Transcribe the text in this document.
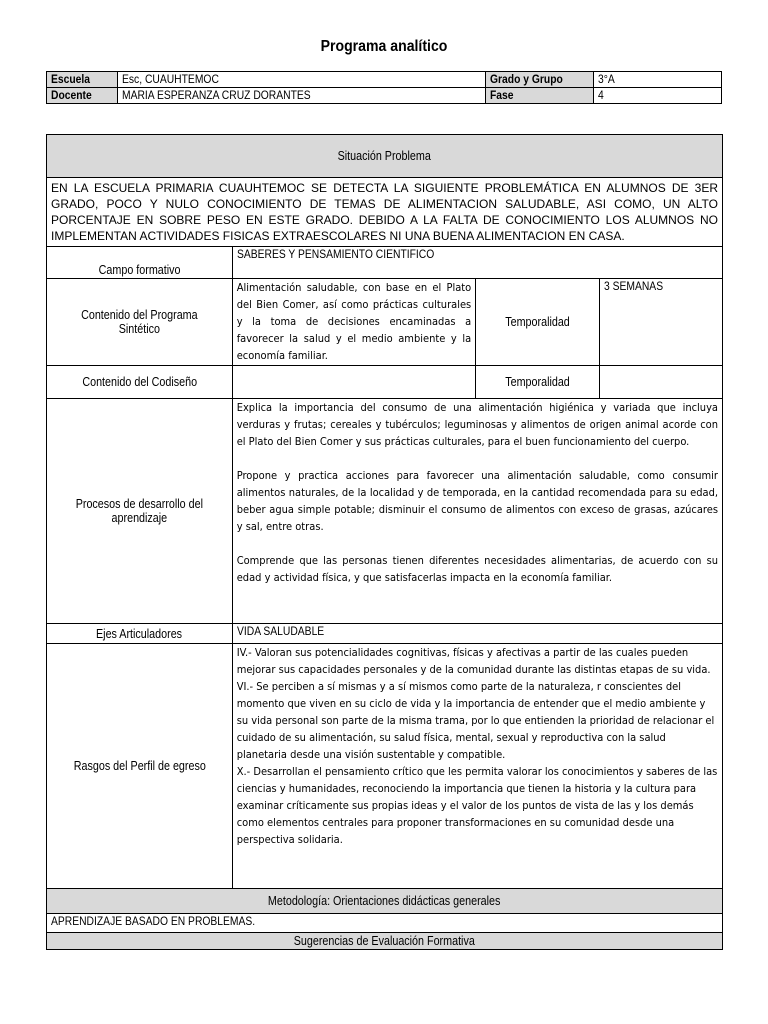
Programa analítico
Escuela	Esc, CUAUHTEMOC	Grado y Grupo	3°A
Docente	MARIA ESPERANZA CRUZ DORANTES	Fase	4
Situación Problema			
EN LA ESCUELA PRIMARIA CUAUHTEMOC SE DETECTA LA SIGUIENTE PROBLEMÁTICA EN ALUMNOS DE 3ER GRADO, POCO Y NULO CONOCIMIENTO DE TEMAS DE ALIMENTACION SALUDABLE, ASI COMO, UN ALTO PORCENTAJE EN SOBRE PESO EN ESTE GRADO. DEBIDO A LA FALTA DE CONOCIMIENTO LOS ALUMNOS NO IMPLEMENTAN ACTIVIDADES FISICAS EXTRAESCOLARES NI UNA BUENA ALIMENTACION EN CASA.			
Campo formativo	SABERES Y PENSAMIENTO CIENTIFICO		
Contenido del Programa Sintético	Alimentación saludable, con base en el Plato del Bien Comer, así como prácticas culturales y la toma de decisiones encaminadas a favorecer la salud y el medio ambiente y la economía familiar.	Temporalidad	3 SEMANAS
Contenido del Codiseño		Temporalidad	
Procesos de desarrollo del aprendizaje	Explica la importancia del consumo de una alimentación higiénica y variada que incluya verduras y frutas; cereales y tubérculos; leguminosas y alimentos de origen animal acorde con el Plato del Bien Comer y sus prácticas culturales, para el buen funcionamiento del cuerpo.

Propone y practica acciones para favorecer una alimentación saludable, como consumir alimentos naturales, de la localidad y de temporada, en la cantidad recomendada para su edad, beber agua simple potable; disminuir el consumo de alimentos con exceso de grasas, azúcares y sal, entre otras.

Comprende que las personas tienen diferentes necesidades alimentarias, de acuerdo con su edad y actividad física, y que satisfacerlas impacta en la economía familiar.		

Ejes Articuladores	VIDA SALUDABLE		
Rasgos del Perfil de egreso	IV.- Valoran sus potencialidades cognitivas, físicas y afectivas a partir de las cuales pueden mejorar sus capacidades personales y de la comunidad durante las distintas etapas de su vida.

VI.- Se perciben a sí mismas y a sí mismos como parte de la naturaleza, r conscientes del momento que viven en su ciclo de vida y la importancia de entender que el medio ambiente y su vida personal son parte de la misma trama, por lo que entienden la prioridad de relacionar el cuidado de su alimentación, su salud física, mental, sexual y reproductiva con la salud planetaria desde una visión sustentable y compatible.

X.- Desarrollan el pensamiento crítico que les permita valorar los conocimientos y saberes de las ciencias y humanidades, reconociendo la importancia que tienen la historia y la cultura para examinar críticamente sus propias ideas y el valor de los puntos de vista de las y los demás como elementos centrales para proponer transformaciones en su comunidad desde una perspectiva solidaria.		

Metodología: Orientaciones didácticas generales			
APRENDIZAJE BASADO EN PROBLEMAS.			
Sugerencias de Evaluación Formativa			
